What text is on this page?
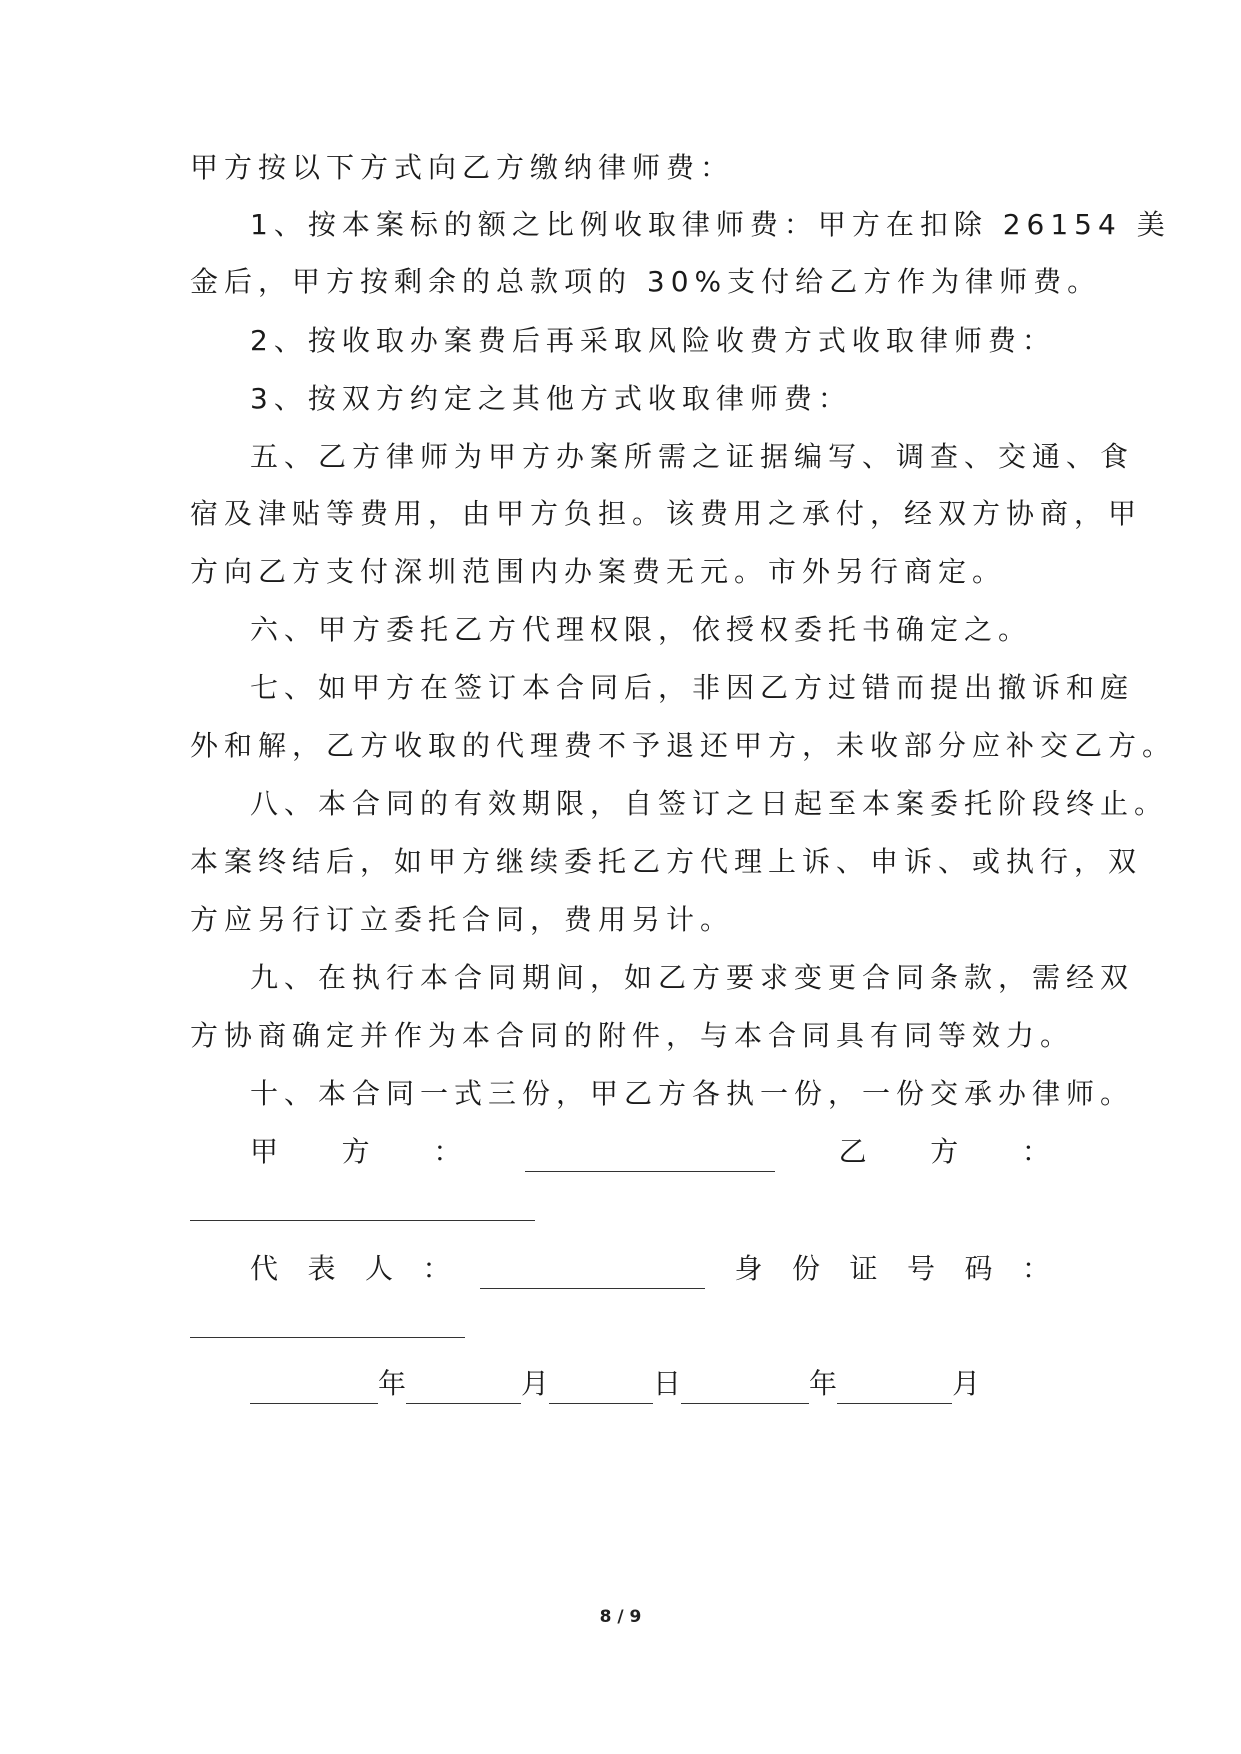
甲方按以下方式向乙方缴纳律师费：
1、按本案标的额之比例收取律师费：甲方在扣除 26154 美
金后，甲方按剩余的总款项的 30%支付给乙方作为律师费。
2、按收取办案费后再采取风险收费方式收取律师费：
3、按双方约定之其他方式收取律师费：
五、乙方律师为甲方办案所需之证据编写、调查、交通、食
宿及津贴等费用，由甲方负担。该费用之承付，经双方协商，甲
方向乙方支付深圳范围内办案费无元。市外另行商定。
六、甲方委托乙方代理权限，依授权委托书确定之。
七、如甲方在签订本合同后，非因乙方过错而提出撤诉和庭
外和解，乙方收取的代理费不予退还甲方，未收部分应补交乙方。
八、本合同的有效期限，自签订之日起至本案委托阶段终止。
本案终结后，如甲方继续委托乙方代理上诉、申诉、或执行，双
方应另行订立委托合同，费用另计。
九、在执行本合同期间，如乙方要求变更合同条款，需经双
方协商确定并作为本合同的附件，与本合同具有同等效力。
十、本合同一式三份，甲乙方各执一份，一份交承办律师。
甲 方 ：	乙 方 ：
代 表 人 ：	身 份 证 号 码 ：
年	月	日	年	月
8 / 9
